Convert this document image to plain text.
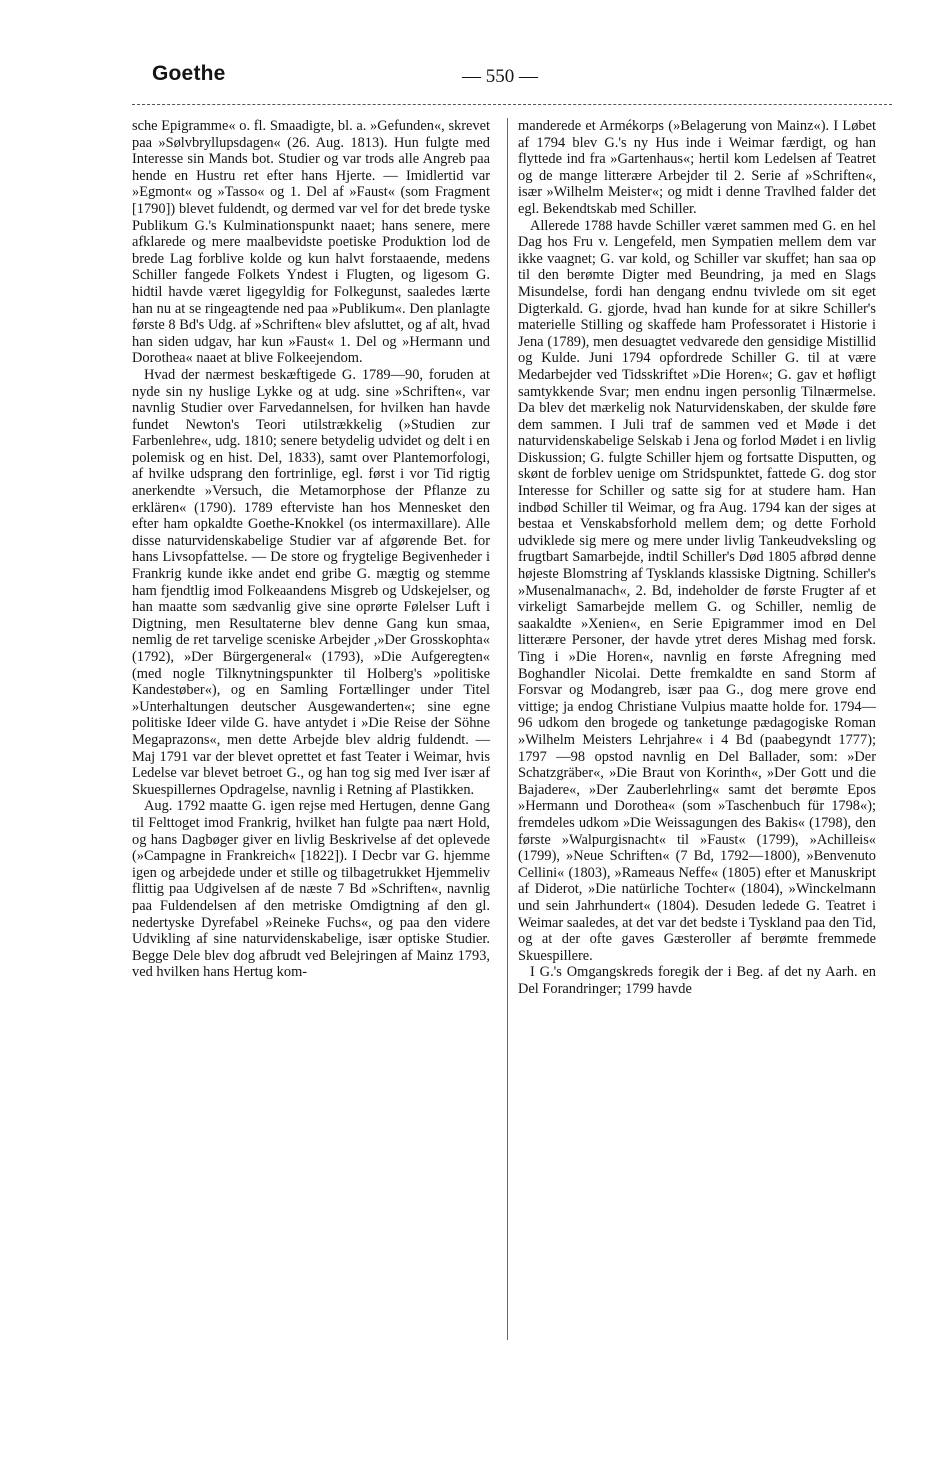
Goethe	— 550 —

sche Epigramme« o. fl. Smaadigte, bl. a. »Gefunden«, skrevet paa »Sølvbryllupsdagen« (26. Aug. 1813). Hun fulgte med Interesse sin Mands bot. Studier og var trods alle Angreb paa hende en Hustru ret efter hans Hjerte. — Imidlertid var »Egmont« og »Tasso« og 1. Del af »Faust« (som Fragment [1790]) blevet fuldendt, og dermed var vel for det brede tyske Publikum G.'s Kulminationspunkt naaet; hans senere, mere afklarede og mere maalbevidste poetiske Produktion lod de brede Lag forblive kolde og kun halvt forstaaende, medens Schiller fangede Folkets Yndest i Flugten, og ligesom G. hidtil havde været ligegyldig for Folkegunst, saaledes lærte han nu at se ringeagtende ned paa »Publikum«. Den planlagte første 8 Bd's Udg. af »Schriften« blev afsluttet, og af alt, hvad han siden udgav, har kun »Faust« 1. Del og »Hermann und Dorothea« naaet at blive Folkeejendom.

Hvad der nærmest beskæftigede G. 1789—90, foruden at nyde sin ny huslige Lykke og at udg. sine »Schriften«, var navnlig Studier over Farvedannelsen, for hvilken han havde fundet Newton's Teori utilstrækkelig (»Studien zur Farbenlehre«, udg. 1810; senere betydelig udvidet og delt i en polemisk og en hist. Del, 1833), samt over Plantemorfologi, af hvilke udsprang den fortrinlige, egl. først i vor Tid rigtig anerkendte »Versuch, die Metamorphose der Pflanze zu erklären« (1790). 1789 efterviste han hos Mennesket den efter ham opkaldte Goethe-Knokkel (os intermaxillare). Alle disse naturvidenskabelige Studier var af afgørende Bet. for hans Livsopfattelse. — De store og frygtelige Begivenheder i Frankrig kunde ikke andet end gribe G. mægtig og stemme ham fjendtlig imod Folkeaandens Misgreb og Udskejelser, og han maatte som sædvanlig give sine oprørte Følelser Luft i Digtning, men Resultaterne blev denne Gang kun smaa, nemlig de ret tarvelige sceniske Arbejder ,»Der Grosskophta« (1792), »Der Bürgergeneral« (1793), »Die Aufgeregten« (med nogle Tilknytningspunkter til Holberg's »politiske Kandestøber«), og en Samling Fortællinger under Titel »Unterhaltungen deutscher Ausgewanderten«; sine egne politiske Ideer vilde G. have antydet i »Die Reise der Söhne Megaprazons«, men dette Arbejde blev aldrig fuldendt. — Maj 1791 var der blevet oprettet et fast Teater i Weimar, hvis Ledelse var blevet betroet G., og han tog sig med Iver især af Skuespillernes Opdragelse, navnlig i Retning af Plastikken.

Aug. 1792 maatte G. igen rejse med Hertugen, denne Gang til Felttoget imod Frankrig, hvilket han fulgte paa nært Hold, og hans Dagbøger giver en livlig Beskrivelse af det oplevede (»Campagne in Frankreich« [1822]). I Decbr var G. hjemme igen og arbejdede under et stille og tilbagetrukket Hjemmeliv flittig paa Udgivelsen af de næste 7 Bd »Schriften«, navnlig paa Fuldendelsen af den metriske Omdigtning af den gl. nedertyske Dyrefabel »Reineke Fuchs«, og paa den videre Udvikling af sine naturvidenskabelige, især optiske Studier. Begge Dele blev dog afbrudt ved Belejringen af Mainz 1793, ved hvilken hans Hertug kom-

manderede et Armékorps (»Belagerung von Mainz«). I Løbet af 1794 blev G.'s ny Hus inde i Weimar færdigt, og han flyttede ind fra »Gartenhaus«; hertil kom Ledelsen af Teatret og de mange litterære Arbejder til 2. Serie af »Schriften«, især »Wilhelm Meister«; og midt i denne Travlhed falder det egl. Bekendtskab med Schiller.

Allerede 1788 havde Schiller været sammen med G. en hel Dag hos Fru v. Lengefeld, men Sympatien mellem dem var ikke vaagnet; G. var kold, og Schiller var skuffet; han saa op til den berømte Digter med Beundring, ja med en Slags Misundelse, fordi han dengang endnu tvivlede om sit eget Digterkald. G. gjorde, hvad han kunde for at sikre Schiller's materielle Stilling og skaffede ham Professoratet i Historie i Jena (1789), men desuagtet vedvarede den gensidige Mistillid og Kulde. Juni 1794 opfordrede Schiller G. til at være Medarbejder ved Tidsskriftet »Die Horen«; G. gav et høfligt samtykkende Svar; men endnu ingen personlig Tilnærmelse. Da blev det mærkelig nok Naturvidenskaben, der skulde føre dem sammen. I Juli traf de sammen ved et Møde i det naturvidenskabelige Selskab i Jena og forlod Mødet i en livlig Diskussion; G. fulgte Schiller hjem og fortsatte Disputten, og skønt de forblev uenige om Stridspunktet, fattede G. dog stor Interesse for Schiller og satte sig for at studere ham. Han indbød Schiller til Weimar, og fra Aug. 1794 kan der siges at bestaa et Venskabsforhold mellem dem; og dette Forhold udviklede sig mere og mere under livlig Tankeudveksling og frugtbart Samarbejde, indtil Schiller's Død 1805 afbrød denne højeste Blomstring af Tysklands klassiske Digtning. Schiller's »Musenalmanach«, 2. Bd, indeholder de første Frugter af et virkeligt Samarbejde mellem G. og Schiller, nemlig de saakaldte »Xenien«, en Serie Epigrammer imod en Del litterære Personer, der havde ytret deres Mishag med forsk. Ting i »Die Horen«, navnlig en første Afregning med Boghandler Nicolai. Dette fremkaldte en sand Storm af Forsvar og Modangreb, især paa G., dog mere grove end vittige; ja endog Christiane Vulpius maatte holde for. 1794—96 udkom den brogede og tanketunge pædagogiske Roman »Wilhelm Meisters Lehrjahre« i 4 Bd (paabegyndt 1777); 1797 —98 opstod navnlig en Del Ballader, som: »Der Schatzgräber«, »Die Braut von Korinth«, »Der Gott und die Bajadere«, »Der Zauberlehrling« samt det berømte Epos »Hermann und Dorothea« (som »Taschenbuch für 1798«); fremdeles udkom »Die Weissagungen des Bakis« (1798), den første »Walpurgisnacht« til »Faust« (1799), »Achilleis« (1799), »Neue Schriften« (7 Bd, 1792—1800), »Benvenuto Cellini« (1803), »Rameaus Neffe« (1805) efter et Manuskript af Diderot, »Die natürliche Tochter« (1804), »Winckelmann und sein Jahrhundert« (1804). Desuden ledede G. Teatret i Weimar saaledes, at det var det bedste i Tyskland paa den Tid, og at der ofte gaves Gæsteroller af berømte fremmede Skuespillere.

I G.'s Omgangskreds foregik der i Beg. af det ny Aarh. en Del Forandringer; 1799 havde
